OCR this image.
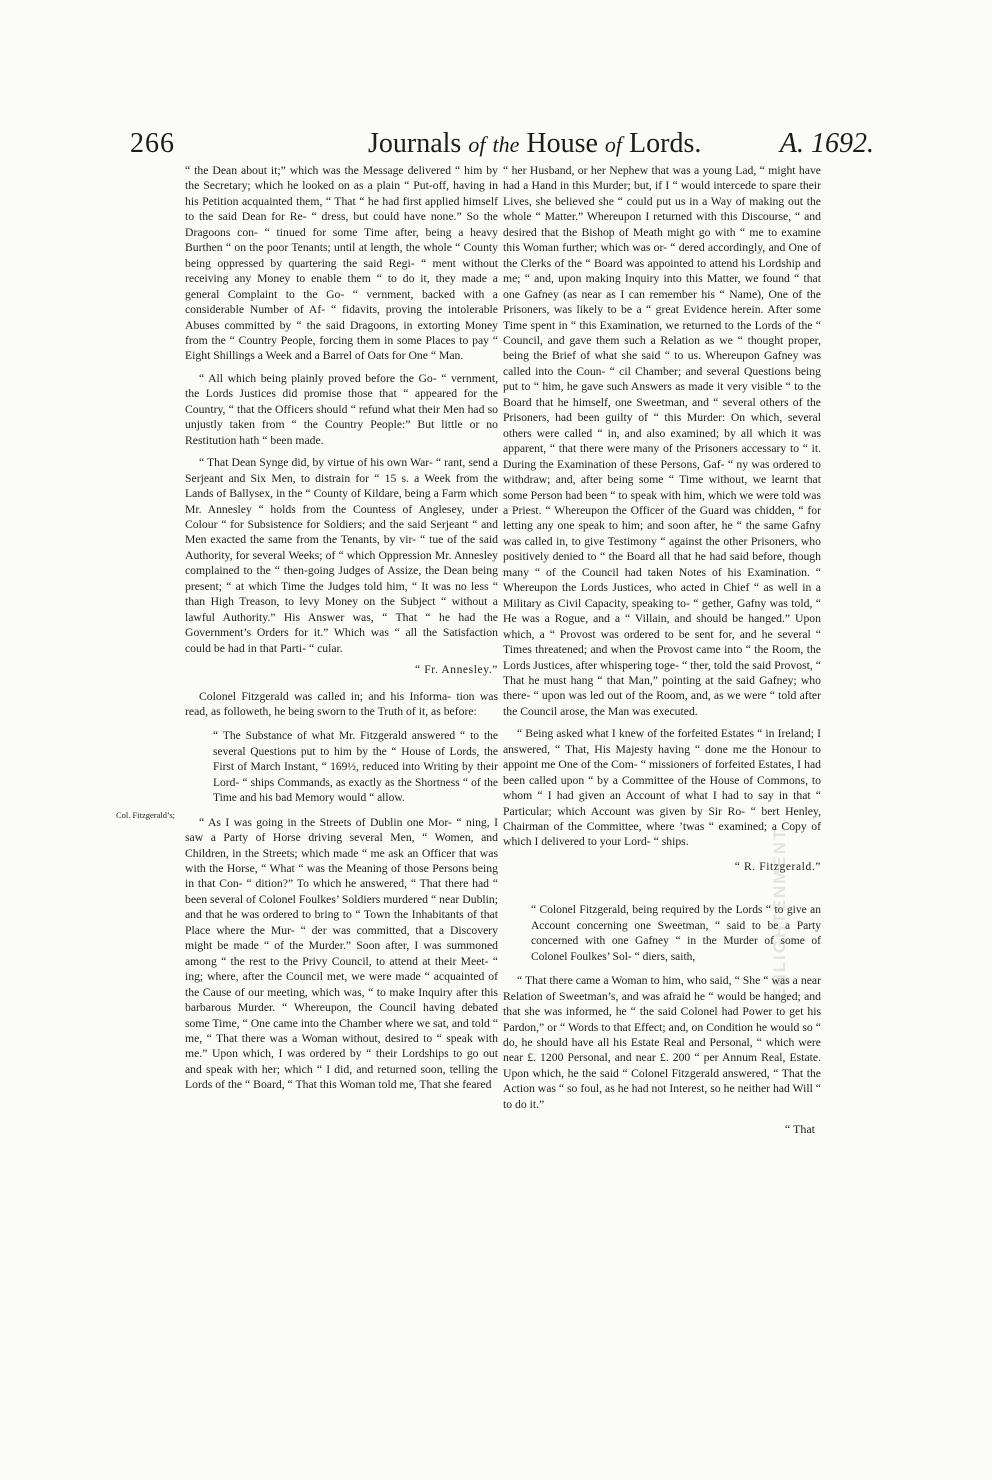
266	Journals of the House of Lords.	A. 1692.
Col. Fitzgerald’s;

“ the Dean about it;” which was the Message delivered “ him by the Secretary; which he looked on as a plain “ Put-off, having in his Petition acquainted them, “ That “ he had first applied himself to the said Dean for Re- “ dress, but could have none.” So the Dragoons con- “ tinued for some Time after, being a heavy Burthen “ on the poor Tenants; until at length, the whole “ County being oppressed by quartering the said Regi- “ ment without receiving any Money to enable them “ to do it, they made a general Complaint to the Go- “ vernment, backed with a considerable Number of Af- “ fidavits, proving the intolerable Abuses committed by “ the said Dragoons, in extorting Money from the “ Country People, forcing them in some Places to pay “ Eight Shillings a Week and a Barrel of Oats for One “ Man.

“ All which being plainly proved before the Go- “ vernment, the Lords Justices did promise those that “ appeared for the Country, “ that the Officers should “ refund what their Men had so unjustly taken from “ the Country People:” But little or no Restitution hath “ been made.

“ That Dean Synge did, by virtue of his own War- “ rant, send a Serjeant and Six Men, to distrain for “ 15 s. a Week from the Lands of Ballysex, in the “ County of Kildare, being a Farm which Mr. Annesley “ holds from the Countess of Anglesey, under Colour “ for Subsistence for Soldiers; and the said Serjeant “ and Men exacted the same from the Tenants, by vir- “ tue of the said Authority, for several Weeks; of “ which Oppression Mr. Annesley complained to the “ then-going Judges of Assize, the Dean being present; “ at which Time the Judges told him, “ It was no less “ than High Treason, to levy Money on the Subject “ without a lawful Authority.” His Answer was, “ That “ he had the Government’s Orders for it.” Which was “ all the Satisfaction could be had in that Parti- “ cular.

“ Fr. Annesley.”

Colonel Fitzgerald was called in; and his Informa- tion was read, as followeth, he being sworn to the Truth of it, as before:

“ The Substance of what Mr. Fitzgerald answered “ to the several Questions put to him by the “ House of Lords, the First of March Instant, “ 169½, reduced into Writing by their Lord- “ ships Commands, as exactly as the Shortness “ of the Time and his bad Memory would “ allow.

“ As I was going in the Streets of Dublin one Mor- “ ning, I saw a Party of Horse driving several Men, “ Women, and Children, in the Streets; which made “ me ask an Officer that was with the Horse, “ What “ was the Meaning of those Persons being in that Con- “ dition?” To which he answered, “ That there had “ been several of Colonel Foulkes’ Soldiers murdered “ near Dublin; and that he was ordered to bring to “ Town the Inhabitants of that Place where the Mur- “ der was committed, that a Discovery might be made “ of the Murder.” Soon after, I was summoned among “ the rest to the Privy Council, to attend at their Meet- “ ing; where, after the Council met, we were made “ acquainted of the Cause of our meeting, which was, “ to make Inquiry after this barbarous Murder. “ Whereupon, the Council having debated some Time, “ One came into the Chamber where we sat, and told “ me, “ That there was a Woman without, desired to “ speak with me.” Upon which, I was ordered by “ their Lordships to go out and speak with her; which “ I did, and returned soon, telling the Lords of the “ Board, “ That this Woman told me, That she feared

“ her Husband, or her Nephew that was a young Lad, “ might have had a Hand in this Murder; but, if I “ would intercede to spare their Lives, she believed she “ could put us in a Way of making out the whole “ Matter.” Whereupon I returned with this Discourse, “ and desired that the Bishop of Meath might go with “ me to examine this Woman further; which was or- “ dered accordingly, and One of the Clerks of the “ Board was appointed to attend his Lordship and me; “ and, upon making Inquiry into this Matter, we found “ that one Gafney (as near as I can remember his “ Name), One of the Prisoners, was likely to be a “ great Evidence herein. After some Time spent in “ this Examination, we returned to the Lords of the “ Council, and gave them such a Relation as we “ thought proper, being the Brief of what she said “ to us. Whereupon Gafney was called into the Coun- “ cil Chamber; and several Questions being put to “ him, he gave such Answers as made it very visible “ to the Board that he himself, one Sweetman, and “ several others of the Prisoners, had been guilty of “ this Murder: On which, several others were called “ in, and also examined; by all which it was apparent, “ that there were many of the Prisoners accessary to “ it. During the Examination of these Persons, Gaf- “ ny was ordered to withdraw; and, after being some “ Time without, we learnt that some Person had been “ to speak with him, which we were told was a Priest. “ Whereupon the Officer of the Guard was chidden, “ for letting any one speak to him; and soon after, he “ the same Gafny was called in, to give Testimony “ against the other Prisoners, who positively denied to “ the Board all that he had said before, though many “ of the Council had taken Notes of his Examination. “ Whereupon the Lords Justices, who acted in Chief “ as well in a Military as Civil Capacity, speaking to- “ gether, Gafny was told, “ He was a Rogue, and a “ Villain, and should be hanged.” Upon which, a “ Provost was ordered to be sent for, and he several “ Times threatened; and when the Provost came into “ the Room, the Lords Justices, after whispering toge- “ ther, told the said Provost, “ That he must hang “ that Man,” pointing at the said Gafney; who there- “ upon was led out of the Room, and, as we were “ told after the Council arose, the Man was executed.

“ Being asked what I knew of the forfeited Estates “ in Ireland; I answered, “ That, His Majesty having “ done me the Honour to appoint me One of the Com- “ missioners of forfeited Estates, I had been called upon “ by a Committee of the House of Commons, to whom “ I had given an Account of what I had to say in that “ Particular; which Account was given by Sir Ro- “ bert Henley, Chairman of the Committee, where ’twas “ examined; a Copy of which I delivered to your Lord- “ ships.

“ R. Fitzgerald.”

“ Colonel Fitzgerald, being required by the Lords “ to give an Account concerning one Sweetman, “ said to be a Party concerned with one Gafney “ in the Murder of some of Colonel Foulkes’ Sol- “ diers, saith,

“ That there came a Woman to him, who said, “ She “ was a near Relation of Sweetman’s, and was afraid he “ would be hanged; and that she was informed, he “ the said Colonel had Power to get his Pardon,” or “ Words to that Effect; and, on Condition he would so “ do, he should have all his Estate Real and Personal, “ which were near £. 1200 Personal, and near £. 200 “ per Annum Real, Estate. Upon which, he the said “ Colonel Fitzgerald answered, “ That the Action was “ so foul, as he had not Interest, so he neither had Will “ to do it.”

“ That
ENLIGHTENMENT
